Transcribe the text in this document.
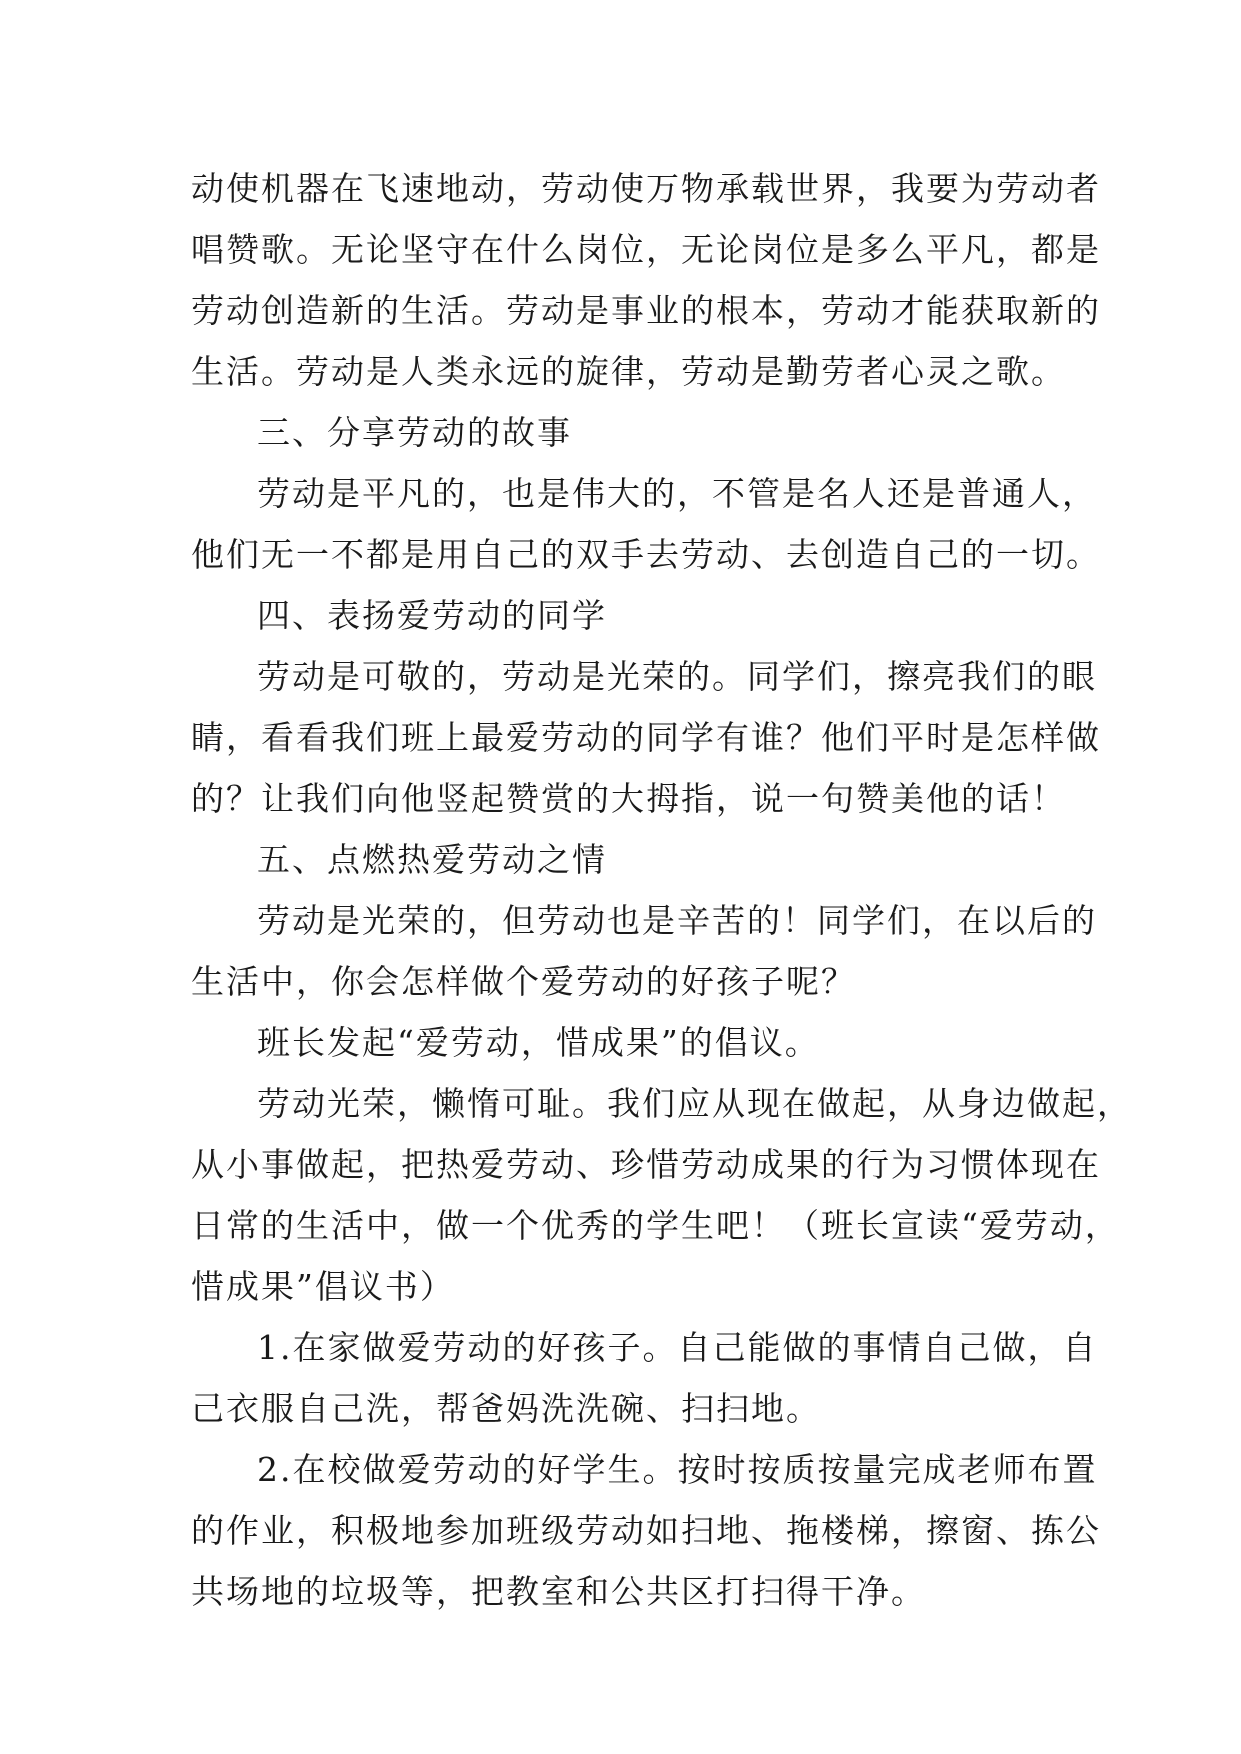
动使机器在飞速地动，劳动使万物承载世界，我要为劳动者
唱赞歌。无论坚守在什么岗位，无论岗位是多么平凡，都是
劳动创造新的生活。劳动是事业的根本，劳动才能获取新的
生活。劳动是人类永远的旋律，劳动是勤劳者心灵之歌。
三、分享劳动的故事
劳动是平凡的，也是伟大的，不管是名人还是普通人，
他们无一不都是用自己的双手去劳动、去创造自己的一切。
四、表扬爱劳动的同学
劳动是可敬的，劳动是光荣的。同学们，擦亮我们的眼
睛，看看我们班上最爱劳动的同学有谁？他们平时是怎样做
的？让我们向他竖起赞赏的大拇指，说一句赞美他的话！
五、点燃热爱劳动之情
劳动是光荣的，但劳动也是辛苦的！同学们，在以后的
生活中，你会怎样做个爱劳动的好孩子呢？
班长发起“爱劳动，惜成果”的倡议。
劳动光荣，懒惰可耻。我们应从现在做起，从身边做起，
从小事做起，把热爱劳动、珍惜劳动成果的行为习惯体现在
日常的生活中，做一个优秀的学生吧！（班长宣读“爱劳动，
惜成果”倡议书）
1.在家做爱劳动的好孩子。自己能做的事情自己做，自
己衣服自己洗，帮爸妈洗洗碗、扫扫地。
2.在校做爱劳动的好学生。按时按质按量完成老师布置
的作业，积极地参加班级劳动如扫地、拖楼梯，擦窗、拣公
共场地的垃圾等，把教室和公共区打扫得干净。
